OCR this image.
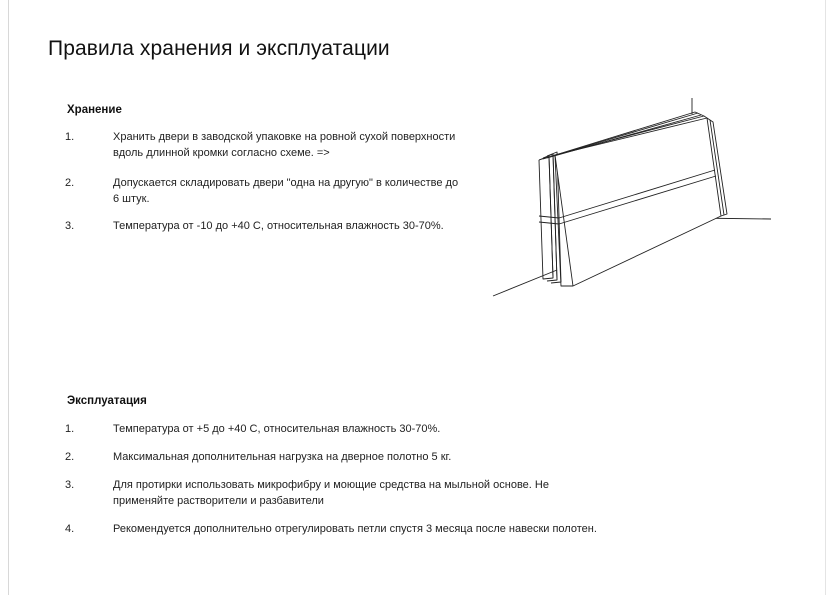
Правила хранения и эксплуатации
Хранение
1.	Хранить двери в заводской упаковке на ровной сухой поверхности вдоль длинной кромки согласно схеме. =>
2.	Допускается складировать двери "одна на другую" в количестве до 6 штук.
3.	Температура от -10 до +40 С, относительная влажность 30-70%.
Эксплуатация
1.	Температура от +5 до +40 С, относительная влажность 30-70%.
2.	Максимальная дополнительная нагрузка на дверное полотно 5 кг.
3.	Для протирки использовать микрофибру и моющие средства на мыльной основе. Не применяйте растворители и разбавители
4.	Рекомендуется дополнительно отрегулировать петли спустя 3 месяца после навески полотен.
